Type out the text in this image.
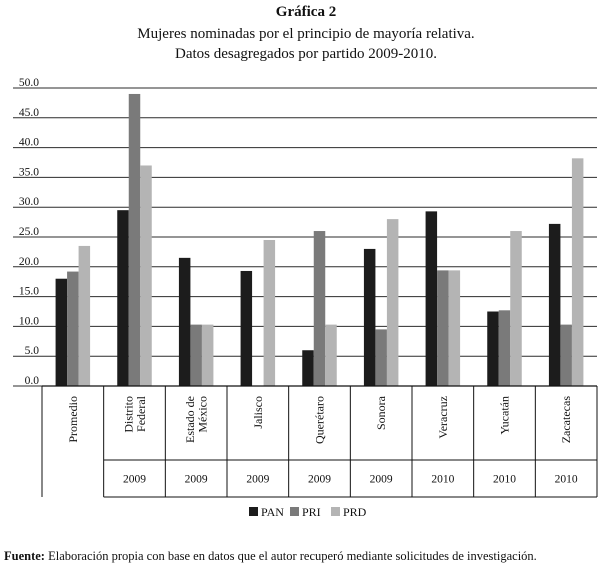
Gráfica 2
Mujeres nominadas por el principio de mayoría relativa.
Datos desagregados por partido 2009-2010.
0.0
5.0
10.0
15.0
20.0
25.0
30.0
35.0
40.0
45.0
50.0
Promedio	Distrito
Federal
2009
Estado de
México
2009
Jalisco
2009
Querétaro
2009
Sonora
2009
Veracruz
2010
Yucatán
2010
Zacatecas
2010
PAN PRI PRD
Fuente: Elaboración propia con base en datos que el autor recuperó mediante solicitudes de investigación.
